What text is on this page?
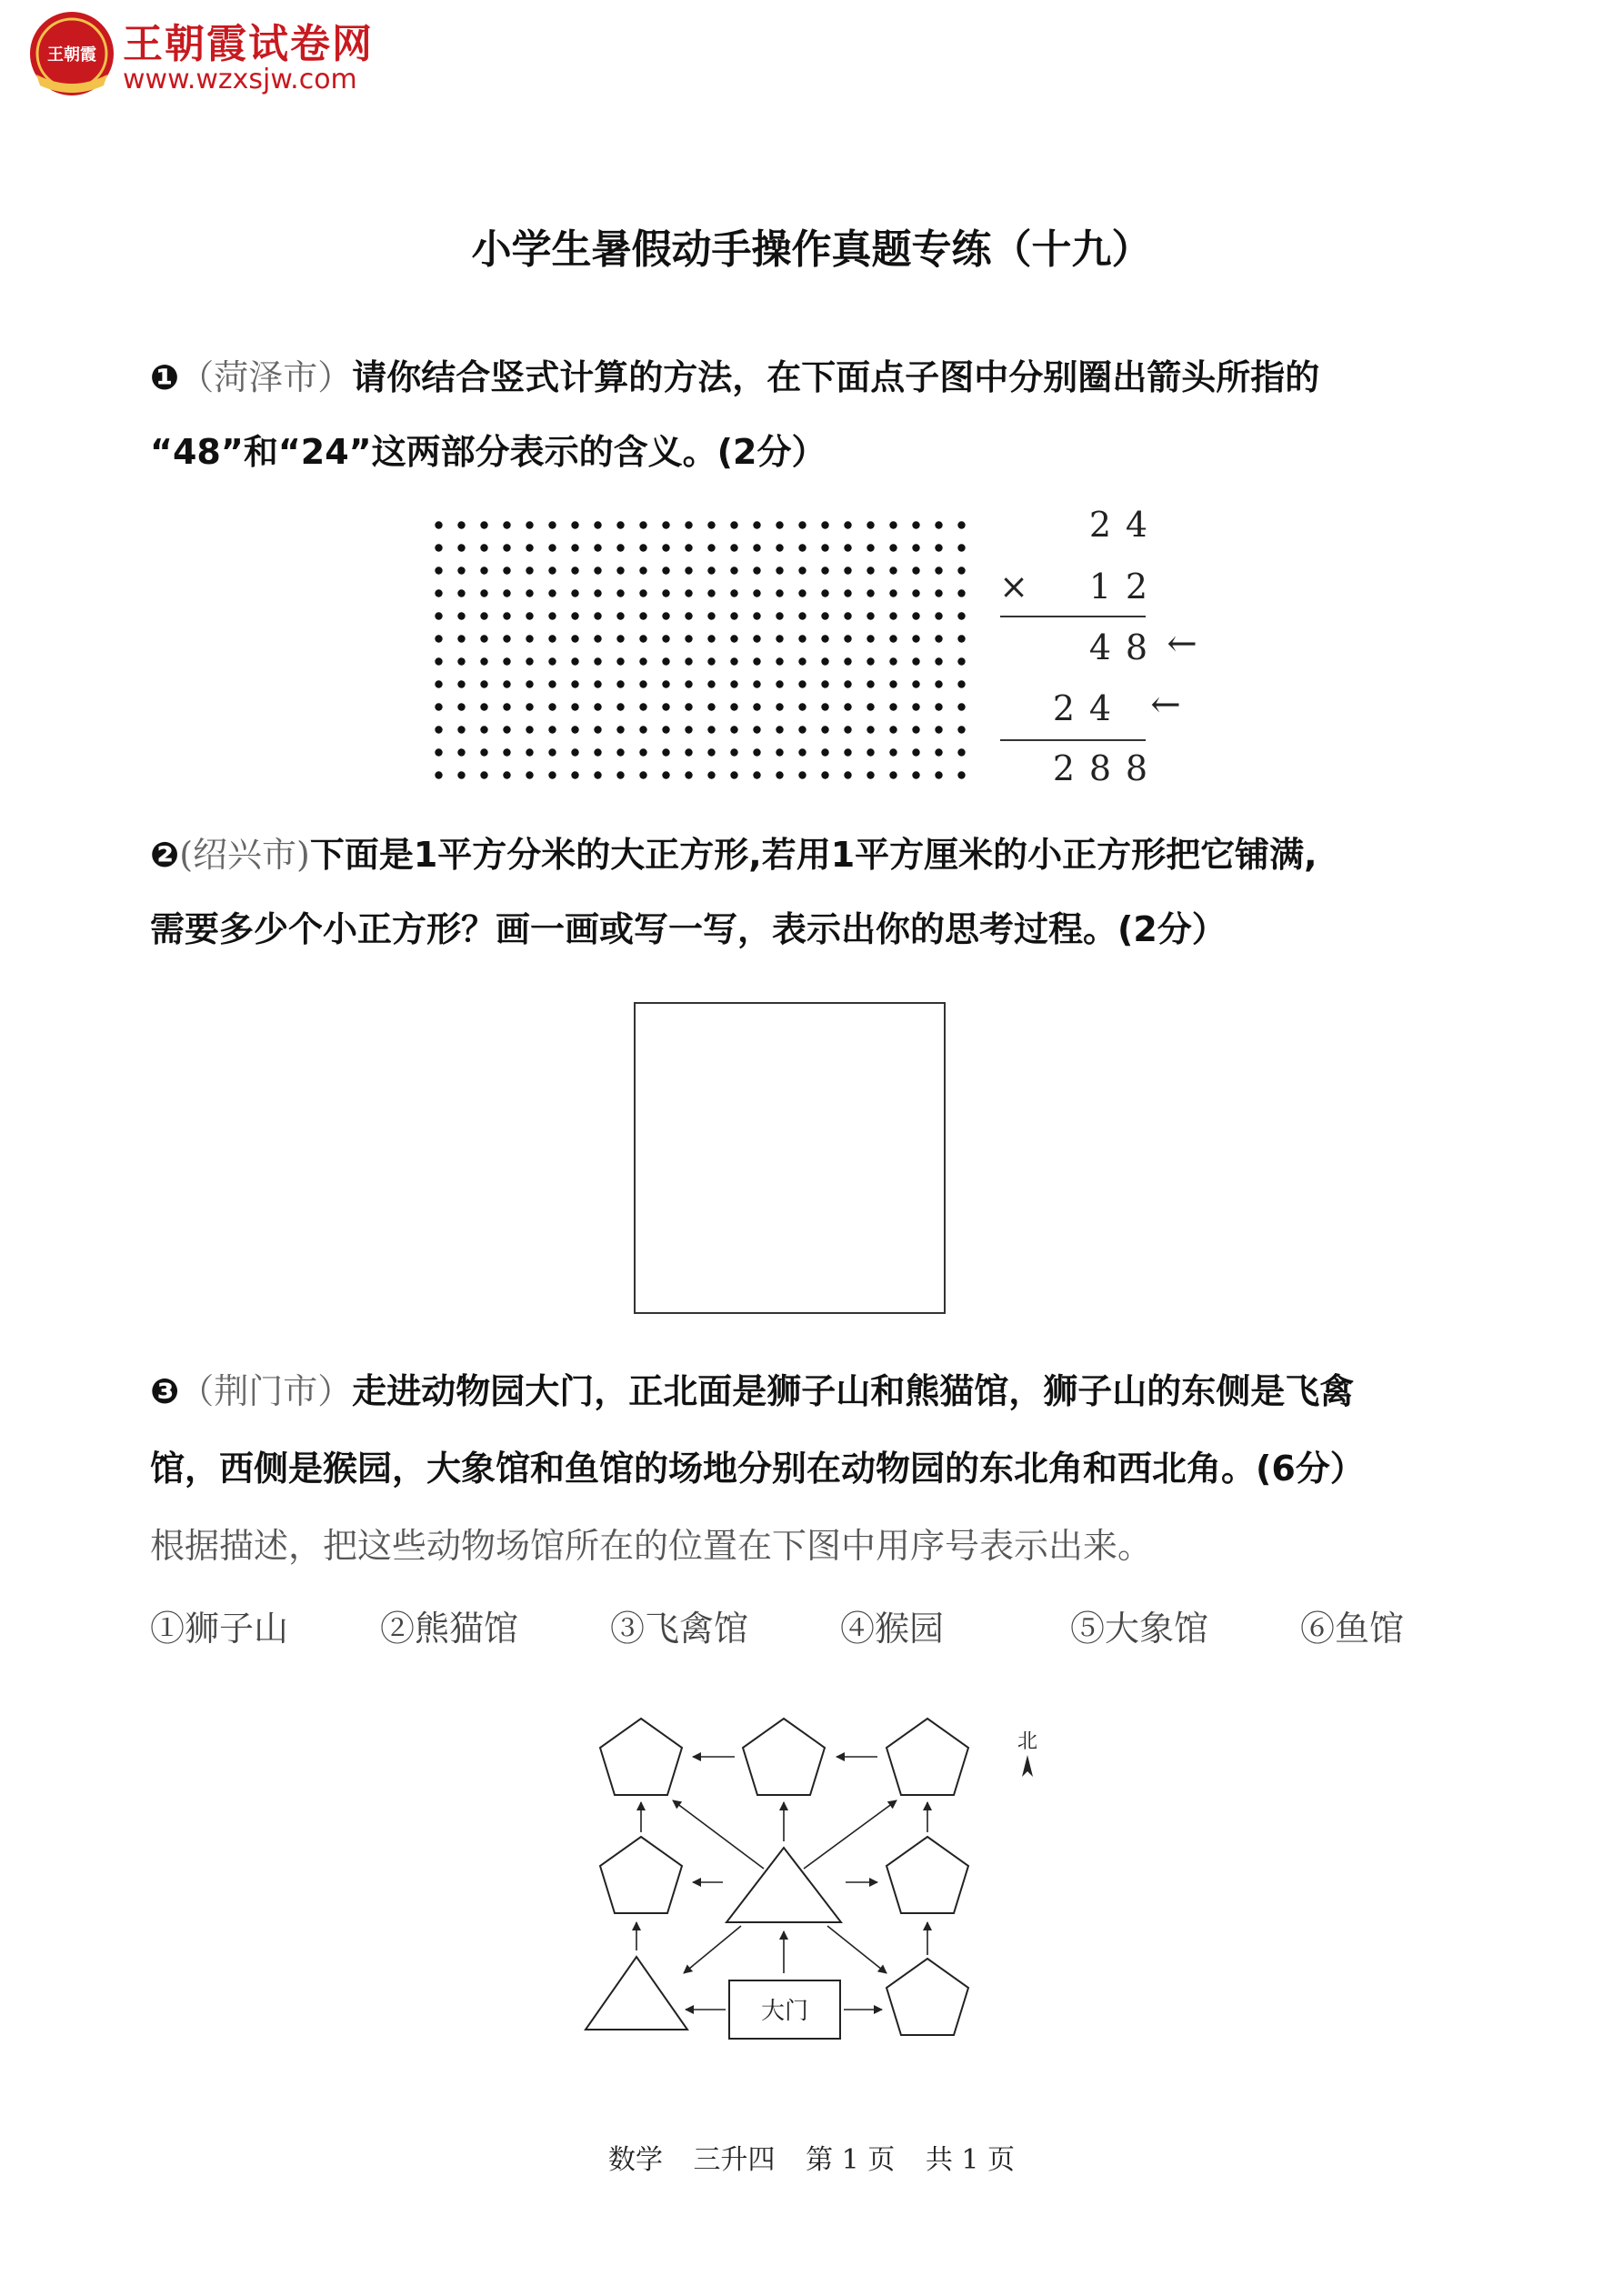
王朝霞 王朝霞试卷网
www.wzxsjw.com
小学生暑假动手操作真题专练（十九）
❶（菏泽市）请你结合竖式计算的方法，在下面点子图中分别圈出箭头所指的
“48”和“24”这两部分表示的含义。(2分）
2 4
× 1 2
4 8 ←
2 4	←
2 8 8
❷(绍兴市)下面是1平方分米的大正方形,若用1平方厘米的小正方形把它铺满,
需要多少个小正方形？画一画或写一写，表示出你的思考过程。(2分）
❸（荆门市）走进动物园大门，正北面是狮子山和熊猫馆，狮子山的东侧是飞禽
馆，西侧是猴园，大象馆和鱼馆的场地分别在动物园的东北角和西北角。(6分）
根据描述，把这些动物场馆所在的位置在下图中用序号表示出来。
①狮子山	②熊猫馆	③飞禽馆	④猴园	⑤大象馆	⑥鱼馆
大门
北
数学 三升四 第 1 页 共 1 页
